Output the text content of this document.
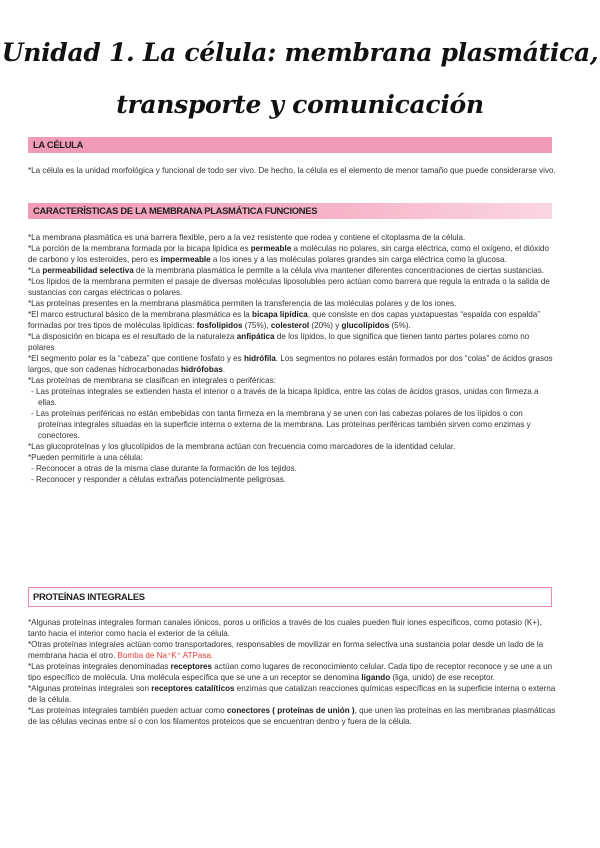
Unidad 1. La célula: membrana plasmática,
transporte y comunicación
LA CÉLULA

*La célula es la unidad morfológica y funcional de todo ser vivo. De hecho, la célula es el elemento de menor tamaño que puede considerarse vivo.

CARACTERÍSTICAS DE LA MEMBRANA PLASMÁTICA FUNCIONES

*La membrana plasmática es una barrera flexible, pero a la vez resistente que rodea y contiene el citoplasma de la célula.

*La porción de la membrana formada por la bicapa lipídica es permeable a moléculas no polares, sin carga eléctrica, como el oxígeno, el dióxido de carbono y los esteroides, pero es impermeable a los iones y a las moléculas polares grandes sin carga eléctrica como la glucosa.

*La permeabilidad selectiva de la membrana plasmática le permite a la célula viva mantener diferentes concentraciones de ciertas sustancias.

*Los lípidos de la membrana permiten el pasaje de diversas moléculas liposolubles pero actúan como barrera que regula la entrada o la salida de sustancias con cargas eléctricas o polares.

*Las proteínas presentes en la membrana plasmática permiten la transferencia de las moléculas polares y de los iones.

*El marco estructural básico de la membrana plasmática es la bicapa lipídica, que consiste en dos capas yuxtapuestas “espalda con espalda” formadas por tres tipos de moléculas lipídicas: fosfolípidos (75%), colesterol (20%) y glucolípidos (5%).

*La disposición en bicapa es el resultado de la naturaleza anfipática de los lípidos, lo que significa que tienen tanto partes polares como no polares

*El segmento polar es la “cabeza” que contiene fosfato y es hidrófila. Los segmentos no polares están formados por dos “colas” de ácidos grasos largos, que son cadenas hidrocarbonadas hidrófobas.

*Las proteínas de membrana se clasifican en integrales o periféricas:

- Las proteínas integrales se extienden hasta el interior o a través de la bicapa lipídica, entre las colas de ácidos grasos, unidas con firmeza a ellas.

- Las proteínas periféricas no están embebidas con tanta firmeza en la membrana y se unen con las cabezas polares de los lípidos o con proteínas integrales situadas en la superficie interna o externa de la membrana. Las proteínas periféricas también sirven como enzimas y conectores.

*Las glucoproteínas y los glucolípidos de la membrana actúan con frecuencia como marcadores de la identidad celular.

*Pueden permitirle a una célula:

- Reconocer a otras de la misma clase durante la formación de los tejidos.

- Reconocer y responder a células extrañas potencialmente peligrosas.

PROTEÍNAS INTEGRALES

*Algunas proteínas integrales forman canales iónicos, poros u orificios a través de los cuales pueden fluir iones específicos, como potasio (K+), tanto hacia el interior como hacia el exterior de la célula.

*Otras proteínas integrales actúan como transportadores, responsables de movilizar en forma selectiva una sustancia polar desde un lado de la membrana hacia el otro. Bomba de Na⁺K⁺ ATPasa.

*Las proteínas integrales denominadas receptores actúan como lugares de reconocimiento celular. Cada tipo de receptor reconoce y se une a un tipo específico de molécula. Una molécula específica que se une a un receptor se denomina ligando (liga, unido) de ese receptor.

*Algunas proteínas integrales son receptores catalíticos enzimas que catalizan reacciones químicas específicas en la superficie interna o externa de la célula.

*Las proteínas integrales también pueden actuar como conectores ( proteínas de unión ), que unen las proteínas en las membranas plasmáticas de las células vecinas entre sí o con los filamentos proteicos que se encuentran dentro y fuera de la célula.
